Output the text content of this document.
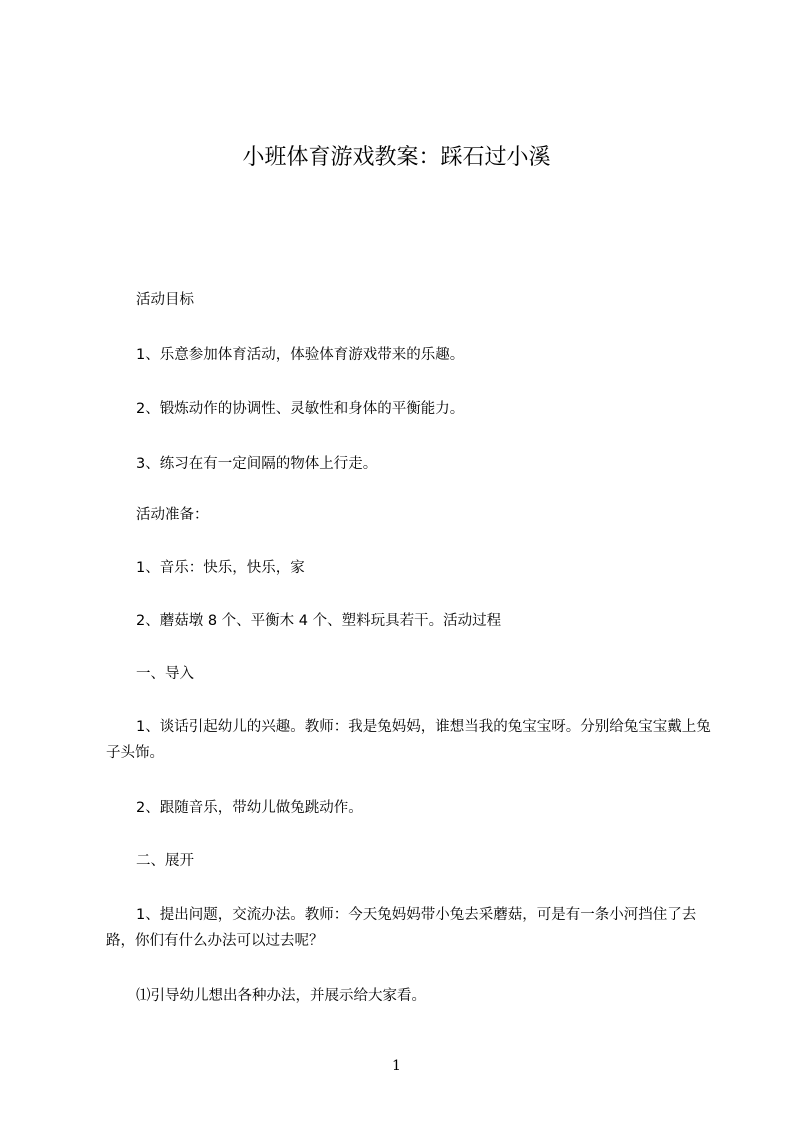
小班体育游戏教案：踩石过小溪
活动目标
1、乐意参加体育活动，体验体育游戏带来的乐趣。
2、锻炼动作的协调性、灵敏性和身体的平衡能力。
3、练习在有一定间隔的物体上行走。
活动准备：
1、音乐：快乐，快乐，家
2、蘑菇墩 8 个、平衡木 4 个、塑料玩具若干。活动过程
一、导入
1、谈话引起幼儿的兴趣。教师：我是兔妈妈，谁想当我的兔宝宝呀。分别给兔宝宝戴上兔子头饰。
2、跟随音乐，带幼儿做兔跳动作。
二、展开
1、提出问题，交流办法。教师：今天兔妈妈带小兔去采蘑菇，可是有一条小河挡住了去路，你们有什么办法可以过去呢？
⑴引导幼儿想出各种办法，并展示给大家看。
1
